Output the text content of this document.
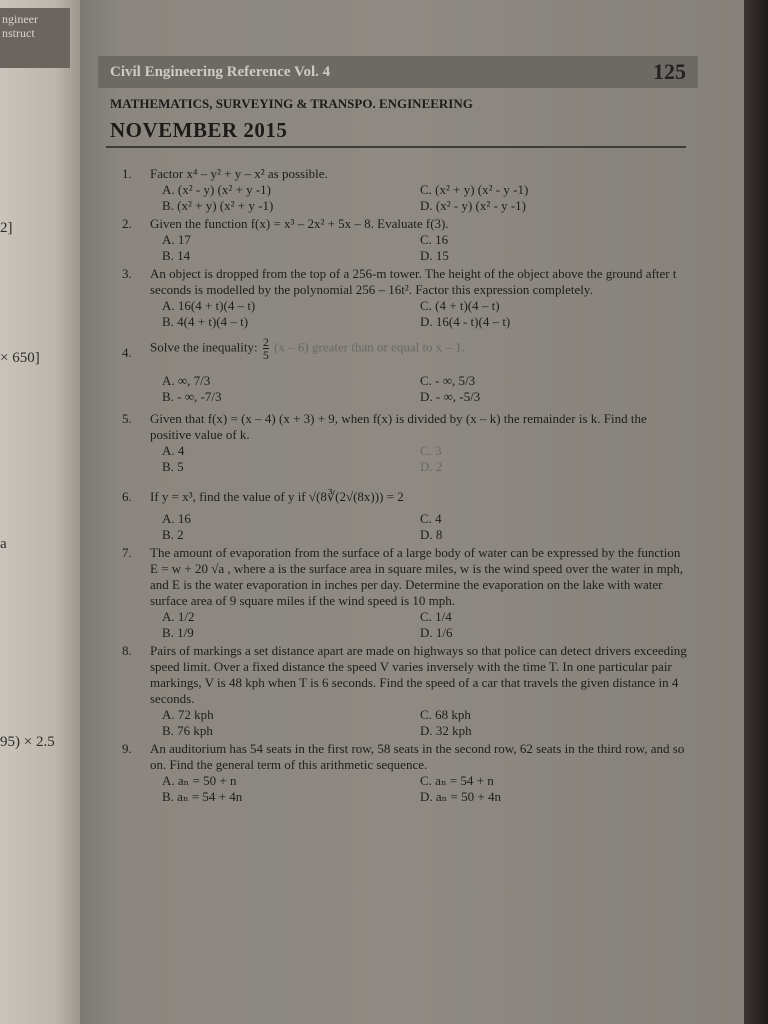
ngineer
nstruct
2]
× 650]
a
95) × 2.5
Civil Engineering Reference Vol. 4	125
MATHEMATICS, SURVEYING & TRANSPO. ENGINEERING
NOVEMBER 2015
1. Factor x⁴ – y² + y – x² as possible.
A. (x² - y) (x² + y -1)	C. (x² + y) (x² - y -1)
B. (x² + y) (x² + y -1)	D. (x² - y) (x² - y -1)
2. Given the function f(x) = x³ – 2x² + 5x – 8. Evaluate f(3).
A. 17	C. 16
B. 14	D. 15
3. An object is dropped from the top of a 256-m tower. The height of the object above the ground after t seconds is modelled by the polynomial 256 – 16t². Factor this expression completely.
A. 16(4 + t)(4 – t)	C. (4 + t)(4 – t)
B. 4(4 + t)(4 – t)	D. 16(4 - t)(4 – t)
4. Solve the inequality: $\frac{2}{5} (x - 6)$ greater than or equal to x – 1.
A. ∞, 7/3	C. - ∞, 5/3
B. - ∞, -7/3	D. - ∞, -5/3
5. Given that f(x) = (x – 4) (x + 3) + 9, when f(x) is divided by (x – k) the remainder is k. Find the positive value of k.
A. 4	C. 3
B. 5	D. 2
6. If y = x³, find the value of y if √(8∛(2√(8x))) = 2
A. 16	C. 4
B. 2	D. 8
7. The amount of evaporation from the surface of a large body of water can be expressed by the function E = w + 20 √a , where a is the surface area in square miles, w is the wind speed over the water in mph, and E is the water evaporation in inches per day. Determine the evaporation on the lake with water surface area of 9 square miles if the wind speed is 10 mph.
A. 1/2	C. 1/4
B. 1/9	D. 1/6
8. Pairs of markings a set distance apart are made on highways so that police can detect drivers exceeding speed limit. Over a fixed distance the speed V varies inversely with the time T. In one particular pair markings, V is 48 kph when T is 6 seconds. Find the speed of a car that travels the given distance in 4 seconds.
A. 72 kph	C. 68 kph
B. 76 kph	D. 32 kph
9. An auditorium has 54 seats in the first row, 58 seats in the second row, 62 seats in the third row, and so on. Find the general term of this arithmetic sequence.
A. aₙ = 50 + n	C. aₙ = 54 + n
B. aₙ = 54 + 4n	D. aₙ = 50 + 4n
